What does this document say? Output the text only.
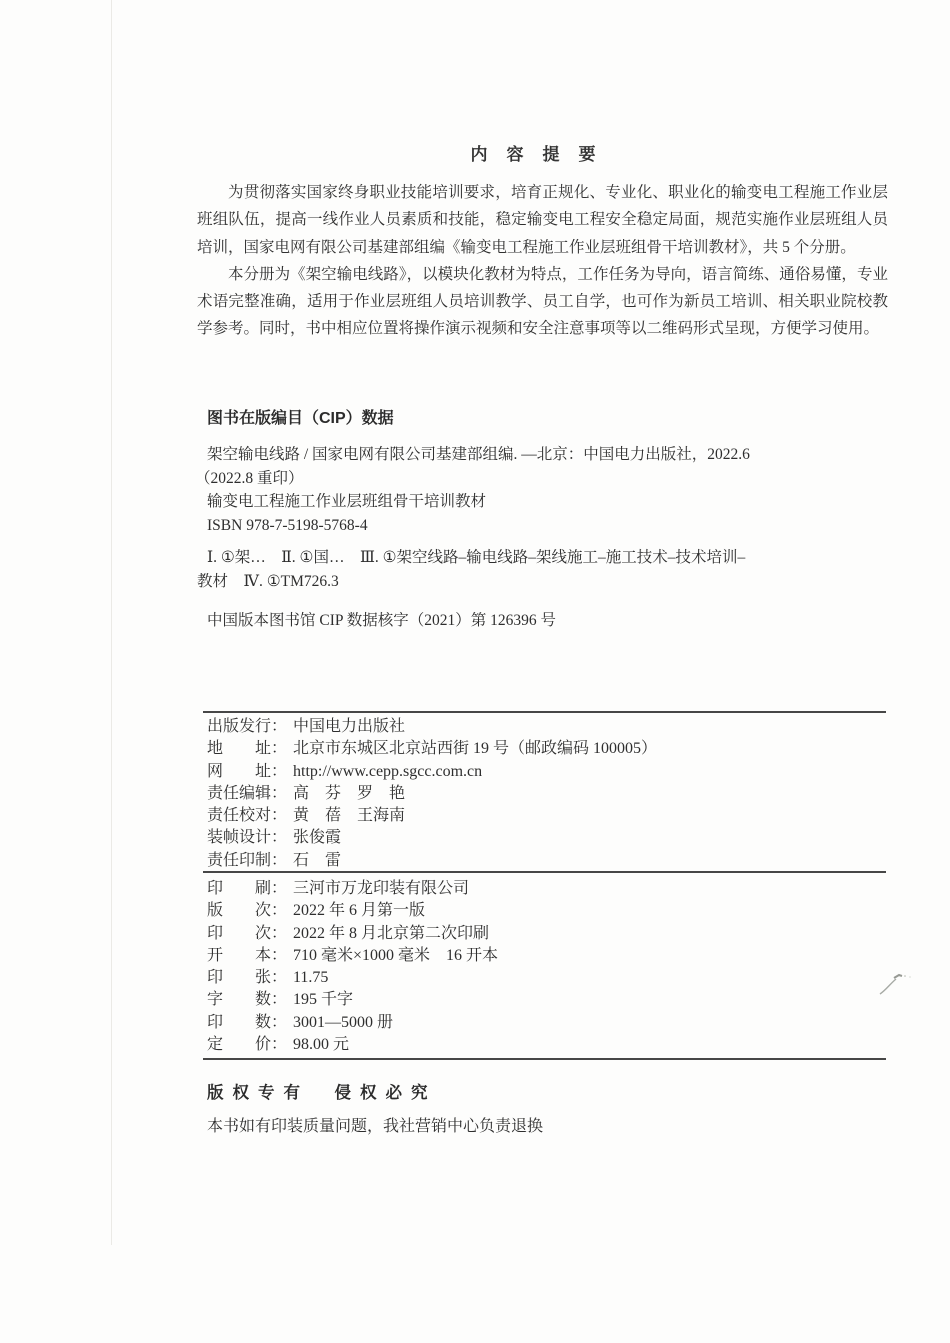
内容提要

为贯彻落实国家终身职业技能培训要求，培育正规化、专业化、职业化的输变电工程施工作业层班组队伍，提高一线作业人员素质和技能，稳定输变电工程安全稳定局面，规范实施作业层班组人员培训，国家电网有限公司基建部组编《输变电工程施工作业层班组骨干培训教材》，共 5 个分册。

本分册为《架空输电线路》，以模块化教材为特点，工作任务为导向，语言简练、通俗易懂，专业术语完整准确，适用于作业层班组人员培训教学、员工自学，也可作为新员工培训、相关职业院校教学参考。同时，书中相应位置将操作演示视频和安全注意事项等以二维码形式呈现，方便学习使用。

图书在版编目（CIP）数据
架空输电线路 / 国家电网有限公司基建部组编. —北京：中国电力出版社，2022.6
（2022.8 重印）
输变电工程施工作业层班组骨干培训教材
ISBN 978-7-5198-5768-4
Ⅰ. ①架…　Ⅱ. ①国…　Ⅲ. ①架空线路–输电线路–架线施工–施工技术–技术培训–
教材　Ⅳ. ①TM726.3
中国版本图书馆 CIP 数据核字（2021）第 126396 号
出版发行： 中国电力出版社
地　　址： 北京市东城区北京站西街 19 号（邮政编码 100005）
网　　址： http://www.cepp.sgcc.com.cn
责任编辑： 高　芬　罗　艳
责任校对： 黄　蓓　王海南
装帧设计： 张俊霞
责任印制： 石　雷
印　　刷： 三河市万龙印装有限公司
版　　次： 2022 年 6 月第一版
印　　次： 2022 年 8 月北京第二次印刷
开　　本： 710 毫米×1000 毫米　16 开本
印　　张： 11.75
字　　数： 195 千字
印　　数： 3001—5000 册
定　　价： 98.00 元
版权专有　侵权必究
本书如有印装质量问题，我社营销中心负责退换
